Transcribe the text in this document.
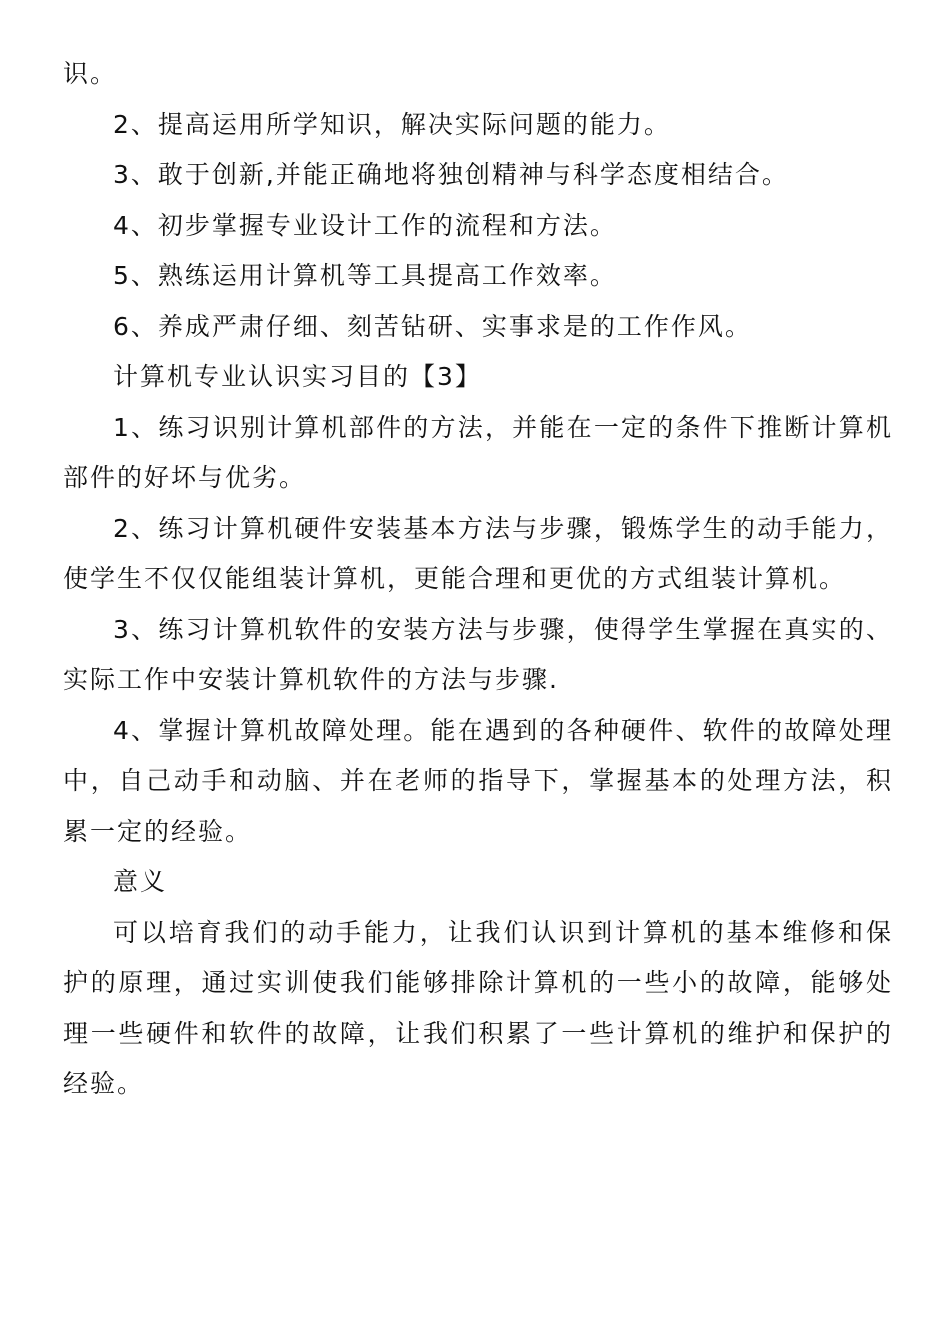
识。

2、提高运用所学知识，解决实际问题的能力。

3、敢于创新,并能正确地将独创精神与科学态度相结合。

4、初步掌握专业设计工作的流程和方法。

5、熟练运用计算机等工具提高工作效率。

6、养成严肃仔细、刻苦钻研、实事求是的工作作风。

计算机专业认识实习目的【3】

1、练习识别计算机部件的方法，并能在一定的条件下推断计算机部件的好坏与优劣。

2、练习计算机硬件安装基本方法与步骤，锻炼学生的动手能力，使学生不仅仅能组装计算机，更能合理和更优的方式组装计算机。

3、练习计算机软件的安装方法与步骤，使得学生掌握在真实的、实际工作中安装计算机软件的方法与步骤.

4、掌握计算机故障处理。能在遇到的各种硬件、软件的故障处理中，自己动手和动脑、并在老师的指导下，掌握基本的处理方法，积累一定的经验。

意义

可以培育我们的动手能力，让我们认识到计算机的基本维修和保护的原理，通过实训使我们能够排除计算机的一些小的故障，能够处理一些硬件和软件的故障，让我们积累了一些计算机的维护和保护的经验。
